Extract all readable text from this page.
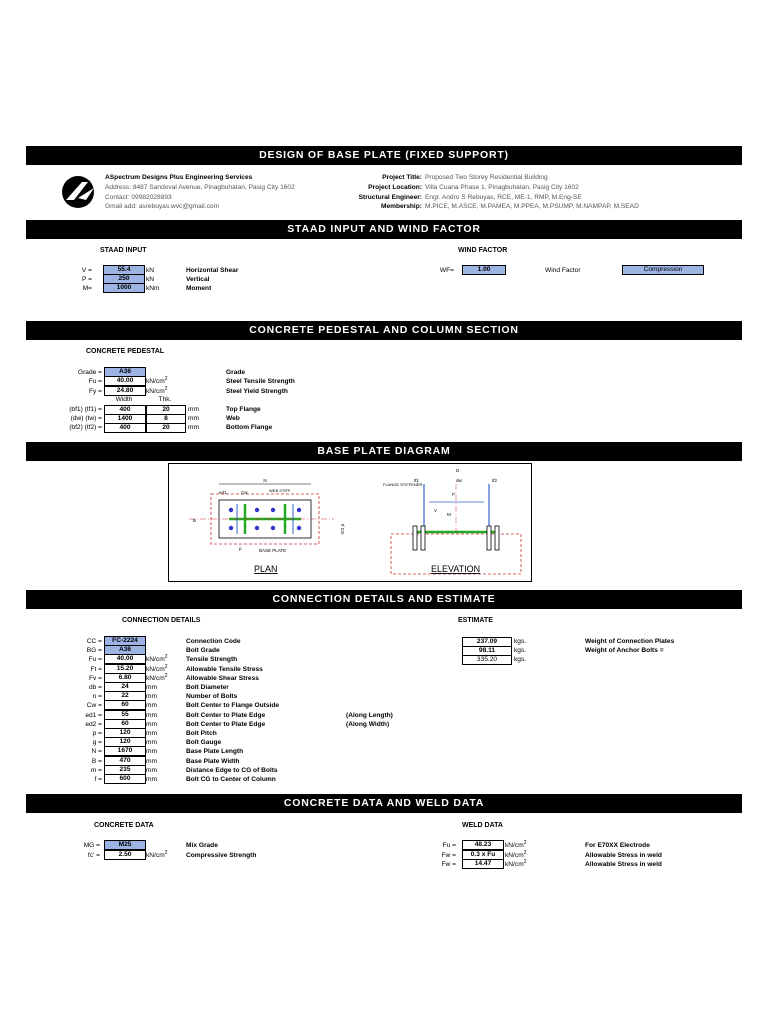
DESIGN OF BASE PLATE (FIXED SUPPORT)
ASpectrum Designs Plus Engineering Services
Address: 8487 Sandoval Avenue, Pinagbuhatan, Pasig City 1602
Contact: 09982028893
Gmail add: asrebuyas.wvc@gmail.com
Project Title: Proposed Two Storey Residential Building
Project Location: Villa Cuana Phase 1, Pinagbuhatan, Pasig City 1602
Structural Engineer: Engr. Andro S Rebuyas, RCE, ME-1, RMP, M.Eng-SE
Membership: M.PICE, M.ASCE, M.PAMEA, M.PPEA, M.PSUMP, M.NAMPAP, M.SEAD
STAAD INPUT AND WIND FACTOR
STAAD INPUT	WIND FACTOR
V =	55.4	kN	Horizontal Shear
P =	250	kN	Vertical
M=	1000	kNm	Moment
WF=	1.00	Wind Factor	Compression
CONCRETE PEDESTAL AND COLUMN SECTION
CONCRETE PEDESTAL
Grade =	A36	Grade
Fu =	40.00	$kN/cm^2$	Steel Tensile Strength
Fy =	24.80	$kN/cm^2$	Steel Yield Strength
Width	Thk.
(bf1) (tf1) =	400	20	mm	Top Flange
(dw) (tw) =	1400	8	mm	Web
(bf2) (tf2) =	400	20	mm	Bottom Flange
BASE PLATE DIAGRAM
N
ed1	Cw	WEB STIFF.
p	BASE PLATE
tf CG
B
PLAN
D
dw
tf1	tf2
P
V
M
FLANGE STIFFENER
ELEVATION
CONNECTION DETAILS AND ESTIMATE
CONNECTION DETAILS	ESTIMATE
CC =	FC-2224	Connection Code
BG =	A36	Bolt Grade
Fu =	40.00	$kN/cm^2$	Tensile Strength
Ft =	15.20	$kN/cm^2$	Allowable Tensile Stress
Fv =	6.80	$kN/cm^2$	Allowable Shear Stress
db =	24	mm	Bolt Diameter
n =	22	mm	Number of Bolts
Cw =	60	mm	Bolt Center to Flange Outside
ed1 =	55	mm	Bolt Center to Plate Edge	(Along Length)
ed2 =	60	mm	Bolt Center to Plate Edge	(Along Width)
p =	120	mm	Bolt Pitch
g =	120	mm	Bolt Gauge
N =	1670	mm	Base Plate Length
B =	470	mm	Base Plate Width
m =	235	mm	Distance Edge to CG of Bolts
f =	600	mm	Bolt CG to Center of Column
237.09	kgs.	Weight of Connection Plates
98.11	kgs.	Weight of Anchor Bolts =
335.20	kgs.
CONCRETE DATA AND WELD DATA
CONCRETE DATA	WELD DATA
MG =	M25	Mix Grade
fc' =	2.50	$kN/cm^2$	Compressive Strength
Fu =	48.23	$kN/cm^2$	For E70XX Electrode
Fw =	0.3 x Fu	$kN/cm^2$	Allowable Stress in weld
Fw =	14.47	$kN/cm^2$	Allowable Stress in weld
